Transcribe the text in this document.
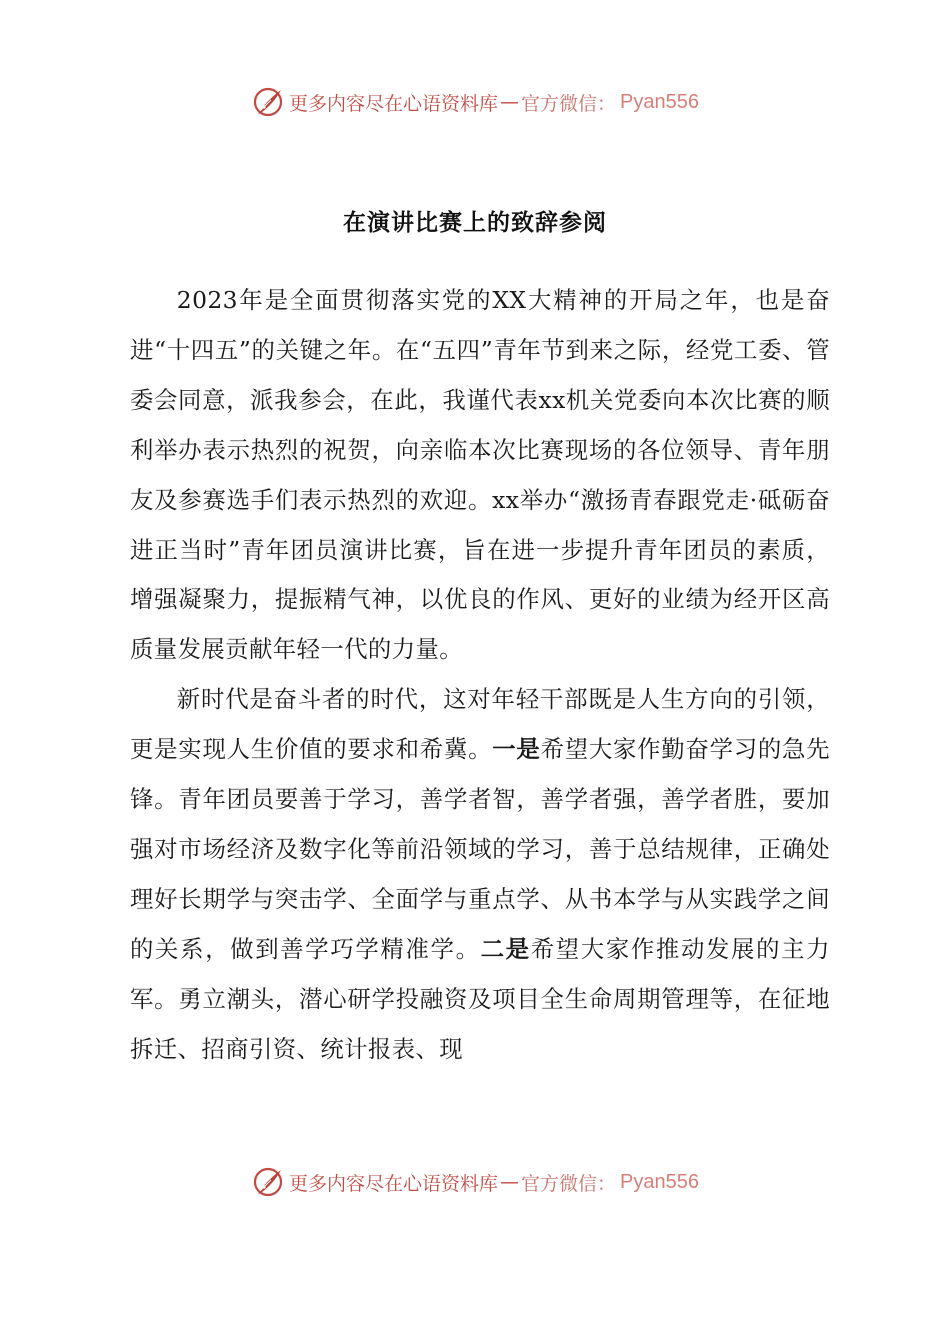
更多内容尽在心语资料库 — 官方微信： Pyan556
在演讲比赛上的致辞参阅

2023年是全面贯彻落实党的XX大精神的开局之年，也是奋进“十四五”的关键之年。在“五四”青年节到来之际，经党工委、管委会同意，派我参会，在此，我谨代表xx机关党委向本次比赛的顺利举办表示热烈的祝贺，向亲临本次比赛现场的各位领导、青年朋友及参赛选手们表示热烈的欢迎。xx举办“激扬青春跟党走·砥砺奋进正当时”青年团员演讲比赛，旨在进一步提升青年团员的素质，增强凝聚力，提振精气神，以优良的作风、更好的业绩为经开区高质量发展贡献年轻一代的力量。

新时代是奋斗者的时代，这对年轻干部既是人生方向的引领，更是实现人生价值的要求和希冀。一是希望大家作勤奋学习的急先锋。青年团员要善于学习，善学者智，善学者强，善学者胜，要加强对市场经济及数字化等前沿领域的学习，善于总结规律，正确处理好长期学与突击学、全面学与重点学、从书本学与从实践学之间的关系，做到善学巧学精准学。二是希望大家作推动发展的主力军。勇立潮头，潜心研学投融资及项目全生命周期管理等，在征地拆迁、招商引资、统计报表、现

更多内容尽在心语资料库 — 官方微信： Pyan556
